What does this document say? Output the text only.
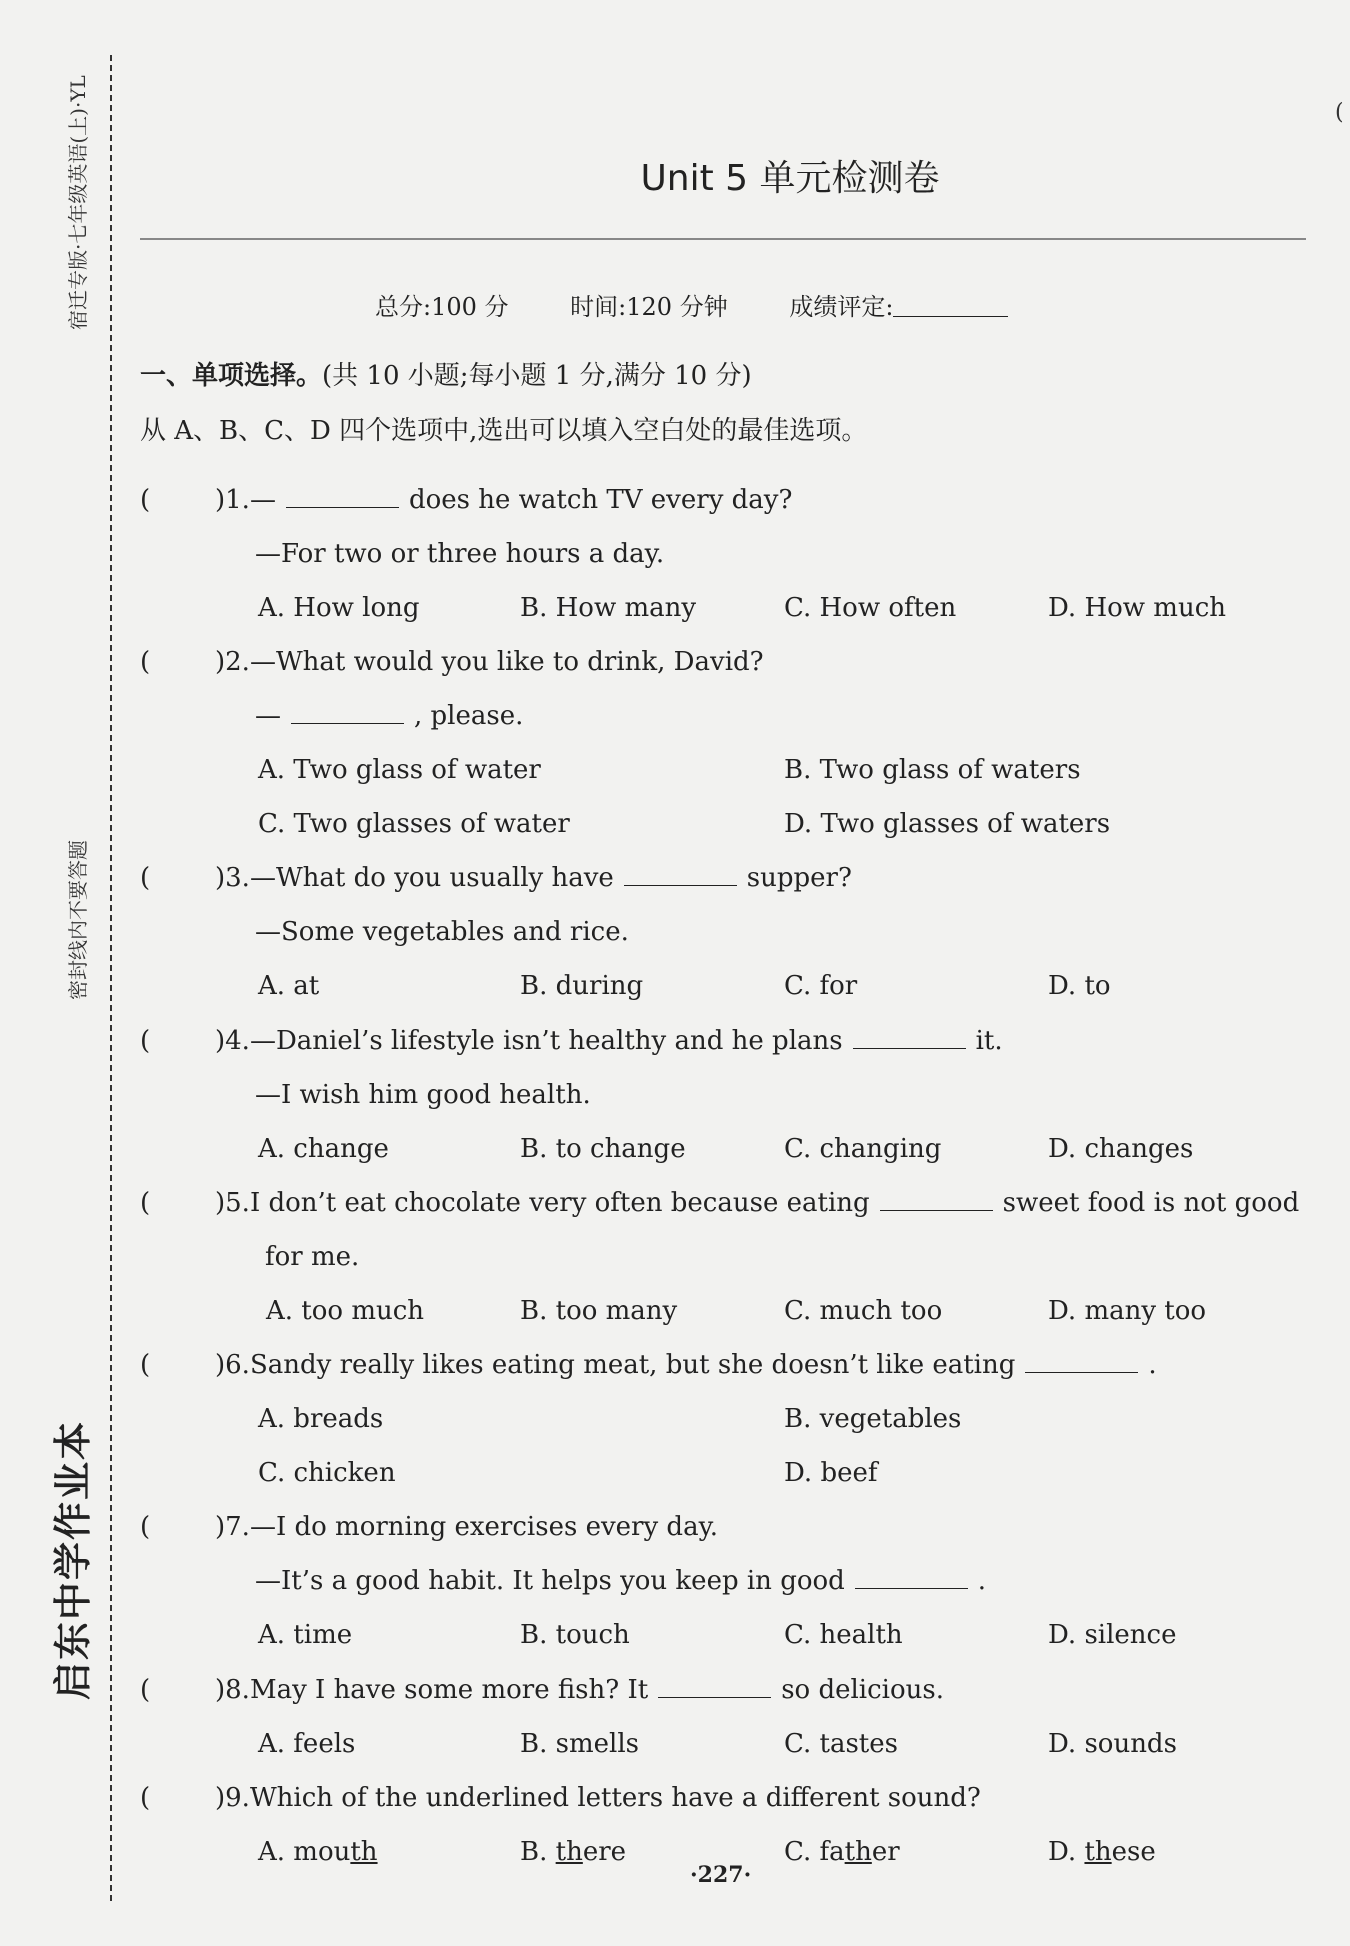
宿迁专版·七年级英语(上)·YL
密封线内不要答题
启东中学作业本
Unit 5 单元检测卷
总分:100 分	时间:120 分钟	成绩评定:
一、单项选择。(共 10 小题;每小题 1 分,满分 10 分)
从 A、B、C、D 四个选项中,选出可以填入空白处的最佳选项。
( )1.—	does he watch TV every day?
—For two or three hours a day.
A. How long	B. How many	C. How often	D. How much
( )2.—What would you like to drink, David?
—	, please.
A. Two glass of water	B. Two glass of waters
C. Two glasses of water	D. Two glasses of waters
( )3.—What do you usually have	supper?
—Some vegetables and rice.
A. at	B. during	C. for	D. to
( )4.—Daniel’s lifestyle isn’t healthy and he plans	it.
—I wish him good health.
A. change	B. to change	C. changing	D. changes
( )5.I don’t eat chocolate very often because eating	sweet food is not good
for me.
A. too much	B. too many	C. much too	D. many too
( )6.Sandy really likes eating meat, but she doesn’t like eating	.
A. breads	B. vegetables
C. chicken	D. beef
( )7.—I do morning exercises every day.
—It’s a good habit. It helps you keep in good	.
A. time	B. touch	C. health	D. silence
( )8.May I have some more fish? It	so delicious.
A. feels	B. smells	C. tastes	D. sounds
( )9.Which of the underlined letters have a different sound?
A. mouth	B. there	C. father	D. these
·227·
(
